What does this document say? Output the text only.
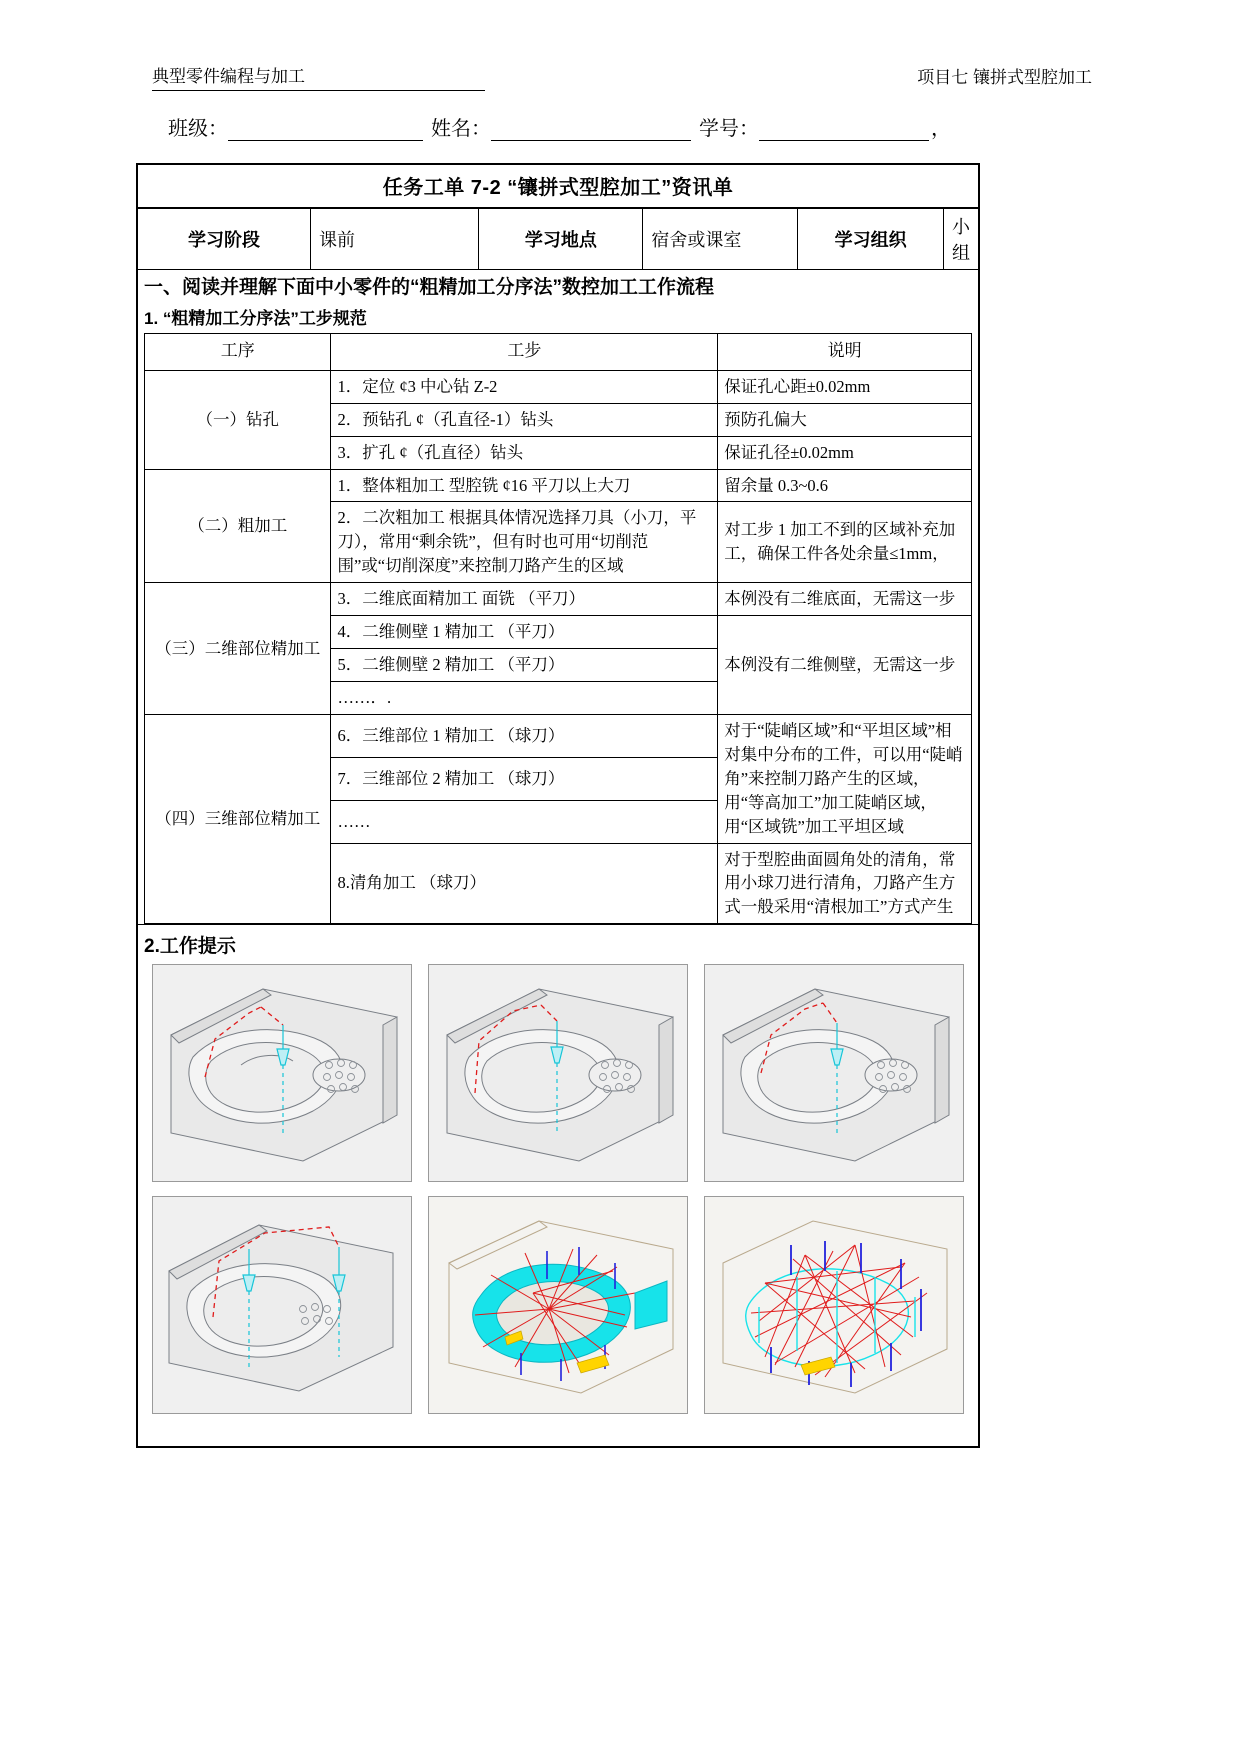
典型零件编程与加工	项目七 镶拼式型腔加工
班级：	姓名：	学号：	，
任务工单 7-2 “镶拼式型腔加工”资讯单
学习阶段	课前	学习地点	宿舍或课室	学习组织	小组
一、阅读并理解下面中小零件的“粗精加工分序法”数控加工工作流程
1. “粗精加工分序法”工步规范
工序	工步	说明
（一）钻孔	1．定位 ¢3 中心钻 Z-2	保证孔心距±0.02mm
	2．预钻孔 ¢（孔直径-1）钻头	预防孔偏大
	3．扩孔 ¢（孔直径）钻头	保证孔径±0.02mm
（二）粗加工	1．整体粗加工 型腔铣 ¢16 平刀以上大刀	留余量 0.3~0.6
	2．二次粗加工 根据具体情况选择刀具（小刀，平刀），常用“剩余铣”，但有时也可用“切削范围”或“切削深度”来控制刀路产生的区域	对工步 1 加工不到的区域补充加工，确保工件各处余量≤1mm，
（三）二维部位精加工	3．二维底面精加工 面铣 （平刀）	本例没有二维底面，无需这一步
	4．二维侧壁 1 精加工 （平刀）	本例没有二维侧壁，无需这一步
	5．二维侧壁 2 精加工 （平刀）	
	……．.	
（四）三维部位精加工	6．三维部位 1 精加工 （球刀）	对于“陡峭区域”和“平坦区域”相对集中分布的工件，可以用“陡峭角”来控制刀路产生的区域，用“等高加工”加工陡峭区域，用“区域铣”加工平坦区域
	7．三维部位 2 精加工 （球刀）	
	……	
	8.清角加工 （球刀）	对于型腔曲面圆角处的清角，常用小球刀进行清角，刀路产生方式一般采用“清根加工”方式产生
2.工作提示
